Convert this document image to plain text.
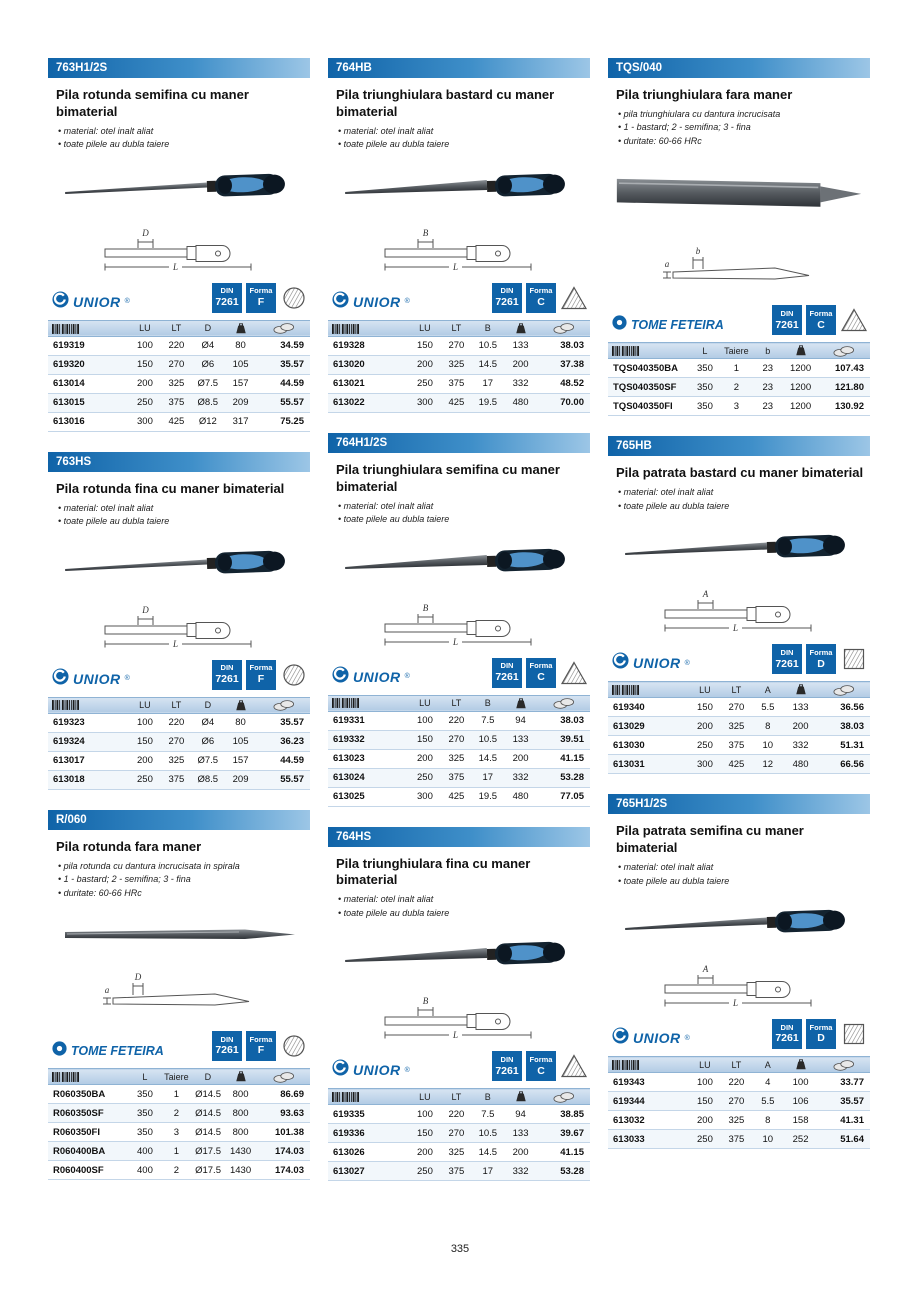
763H1/2S
Pila rotunda semifina cu maner bimaterial
• material: otel inalt aliat
• toate pilele au dubla taiere
D
L
UNIOR ®
DIN
7261
Forma
F
	LU	LT	D		
619319	100	220	Ø4	80	34.59
619320	150	270	Ø6	105	35.57
613014	200	325	Ø7.5	157	44.59
613015	250	375	Ø8.5	209	55.57
613016	300	425	Ø12	317	75.25
763HS
Pila rotunda fina cu maner bimaterial
• material: otel inalt aliat
• toate pilele au dubla taiere
D
L
UNIOR ®
DIN
7261
Forma
F
	LU	LT	D		
619323	100	220	Ø4	80	35.57
619324	150	270	Ø6	105	36.23
613017	200	325	Ø7.5	157	44.59
613018	250	375	Ø8.5	209	55.57
R/060
Pila rotunda fara maner
• pila rotunda cu dantura incrucisata in spirala
• 1 - bastard; 2 - semifina; 3 - fina
• duritate: 60-66 HRc
a
D
TOME FETEIRA
DIN
7261
Forma
F
	L	Taiere	D		
R060350BA	350	1	Ø14.5	800	86.69
R060350SF	350	2	Ø14.5	800	93.63
R060350FI	350	3	Ø14.5	800	101.38
R060400BA	400	1	Ø17.5	1430	174.03
R060400SF	400	2	Ø17.5	1430	174.03
764HB
Pila triunghiulara bastard cu maner bimaterial
• material: otel inalt aliat
• toate pilele au dubla taiere
B
L
UNIOR ®
DIN
7261
Forma
C
	LU	LT	B		
619328	150	270	10.5	133	38.03
613020	200	325	14.5	200	37.38
613021	250	375	17	332	48.52
613022	300	425	19.5	480	70.00
764H1/2S
Pila triunghiulara semifina cu maner bimaterial
• material: otel inalt aliat
• toate pilele au dubla taiere
B
L
UNIOR ®
DIN
7261
Forma
C
	LU	LT	B		
619331	100	220	7.5	94	38.03
619332	150	270	10.5	133	39.51
613023	200	325	14.5	200	41.15
613024	250	375	17	332	53.28
613025	300	425	19.5	480	77.05
764HS
Pila triunghiulara fina cu maner bimaterial
• material: otel inalt aliat
• toate pilele au dubla taiere
B
L
UNIOR ®
DIN
7261
Forma
C
	LU	LT	B		
619335	100	220	7.5	94	38.85
619336	150	270	10.5	133	39.67
613026	200	325	14.5	200	41.15
613027	250	375	17	332	53.28
TQS/040
Pila triunghiulara fara maner
• pila triunghiulara cu dantura incrucisata
• 1 - bastard; 2 - semifina; 3 - fina
• duritate: 60-66 HRc
a
b
TOME FETEIRA
DIN
7261
Forma
C
	L	Taiere	b		
TQS040350BA	350	1	23	1200	107.43
TQS040350SF	350	2	23	1200	121.80
TQS040350FI	350	3	23	1200	130.92
765HB
Pila patrata bastard cu maner bimaterial
• material: otel inalt aliat
• toate pilele au dubla taiere
A
L
UNIOR ®
DIN
7261
Forma
D
	LU	LT	A		
619340	150	270	5.5	133	36.56
613029	200	325	8	200	38.03
613030	250	375	10	332	51.31
613031	300	425	12	480	66.56
765H1/2S
Pila patrata semifina cu maner bimaterial
• material: otel inalt aliat
• toate pilele au dubla taiere
A
L
UNIOR ®
DIN
7261
Forma
D
	LU	LT	A		
619343	100	220	4	100	33.77
619344	150	270	5.5	106	35.57
613032	200	325	8	158	41.31
613033	250	375	10	252	51.64
335
